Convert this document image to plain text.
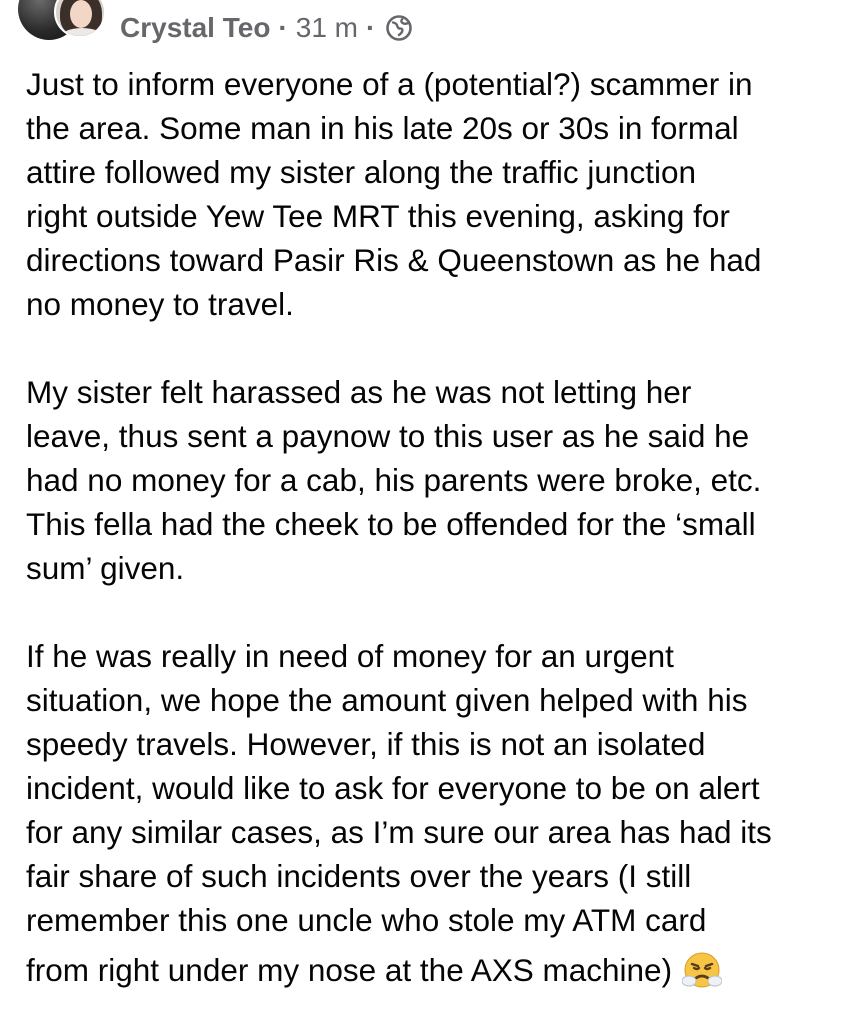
Crystal Teo · 31 m ·

Just to inform everyone of a (potential?) scammer in
the area. Some man in his late 20s or 30s in formal
attire followed my sister along the traffic junction
right outside Yew Tee MRT this evening, asking for
directions toward Pasir Ris & Queenstown as he had
no money to travel.

My sister felt harassed as he was not letting her
leave, thus sent a paynow to this user as he said he
had no money for a cab, his parents were broke, etc.
This fella had the cheek to be offended for the ‘small
sum’ given.

If he was really in need of money for an urgent
situation, we hope the amount given helped with his
speedy travels. However, if this is not an isolated
incident, would like to ask for everyone to be on alert
for any similar cases, as I’m sure our area has had its
fair share of such incidents over the years (I still
remember this one uncle who stole my ATM card
from right under my nose at the AXS machine)
